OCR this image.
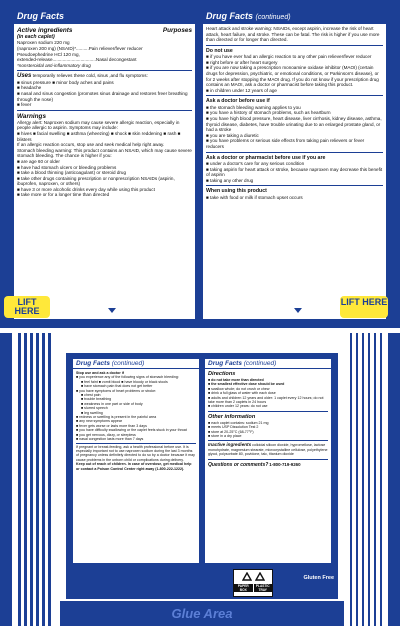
Drug Facts
Active ingredients
(in each caplet)
Purposes
Naproxen sodium 220 mg
(naproxen 200 mg) (NSAID)*..........Pain reliever/fever reducer
Pseudoephedrine HCl 120 mg,
extended-release..................................Nasal decongestant
*nonsteroidal anti-inflammatory drug
Uses temporarily relieves these cold, sinus ,and flu symptoms:
■ sinus pressure ■ minor body aches and pains
■ headache
■ nasal and sinus congestion (promotes sinus drainage and restores freer breathing through the nose)
■ fever
Warnings
Allergy alert: Naproxen sodium may cause severe allergic reaction, especially in people allergic to aspirin. Symptoms may include:
■ hives ■ facial swelling ■ asthma (wheezing) ■ shock ■ skin reddening ■ rash ■ blisters
If an allergic reaction occurs, stop use and seek medical help right away.
Stomach bleeding warning: This product contains an NSAID, which may cause severe stomach bleeding. The chance is higher if you:
■ are age 60 or older
■ have had stomach ulcers or bleeding problems
■ take a blood thinning (anticoagulant) or steroid drug
■ take other drugs containing prescription or nonprescription NSAIDs (aspirin, ibuprofen, naproxen, or others)
■ have 3 or more alcoholic drinks every day while using this product
■ take more or for a longer time than directed
Drug Facts (continued)
Heart attack and stroke warning: NSAIDs, except aspirin, increase the risk of heart attack, heart failure, and stroke. These can be fatal. The risk is higher if you use more than directed or for longer than directed.
Do not use
■ if you have ever had an allergic reaction to any other pain reliever/fever reducer
■ right before or after heart surgery
■ if you are now taking a prescription monoamine oxidase inhibitor (MAOI) (certain drugs for depression, psychiatric, or emotional conditions, or Parkinson's disease), or for 2 weeks after stopping the MAOI drug. If you do not know if your prescription drug contains an MAOI, ask a doctor or pharmacist before taking this product.
■ in children under 12 years of age
Ask a doctor before use if
■ the stomach bleeding warning applies to you
■ you have a history of stomach problems, such as heartburn
■ you have high blood pressure, heart disease, liver cirrhosis, kidney disease, asthma, thyroid disease, diabetes, have trouble urinating due to an enlarged prostate gland, or had a stroke
■ you are taking a diuretic
■ you have problems or serious side effects from taking pain relievers or fever reducers
Ask a doctor or pharmacist before use if you are
■ under a doctor's care for any serious condition
■ taking aspirin for heart attack or stroke, because naproxen may decrease this benefit of aspirin
■ taking any other drug
When using this product
■ take with food or milk if stomach upset occurs
LIFT HERE
LIFT HERE
Drug Facts (continued)
Stop use and ask a doctor if
■ you experience any of the following signs of stomach bleeding:
■ feel faint ■ vomit blood ■ have bloody or black stools
■ have stomach pain that does not get better
■ you have symptoms of heart problems or stroke:
■ chest pain
■ trouble breathing
■ weakness in one part or side of body
■ slurred speech
■ leg swelling
■ redness or swelling is present in the painful area
■ any new symptoms appear
■ fever gets worse or lasts more than 3 days
■ you have difficulty swallowing or the caplet feels stuck in your throat
■ you get nervous, dizzy, or sleepless
■ nasal congestion lasts more than 7 days
If pregnant or breast-feeding, ask a health professional before use. It is especially important not to use naproxen sodium during the last 3 months of pregnancy unless definitely directed to do so by a doctor because it may cause problems in the unborn child or complications during delivery.
Keep out of reach of children. In case of overdose, get medical help or contact a Poison Control Center right away (1-800-222-1222).
Drug Facts (continued)
Directions
■ do not take more than directed
■ the smallest effective dose should be used
■ swallow whole; do not crush or chew
■ drink a full glass of water with each dose
■ adults and children 12 years and older: 1 caplet every 12 hours; do not take more than 2 caplets in 24 hours
■ children under 12 years: do not use
Other information
■ each caplet contains: sodium 21 mg
■ meets USP Dissolution Test 2
■ store at 20-25°C (68-77°F)
■ store in a dry place
Inactive ingredients colloidal silicon dioxide, hypromellose, lactose monohydrate, magnesium stearate, microcrystalline cellulose, polyethylene glycol, polysorbate 80, povidone, talc, titanium dioxide
Questions or comments? 1-800-719-9260
PAPER BOX
PLASTIC TRAY
Gluten Free
Glue Area
